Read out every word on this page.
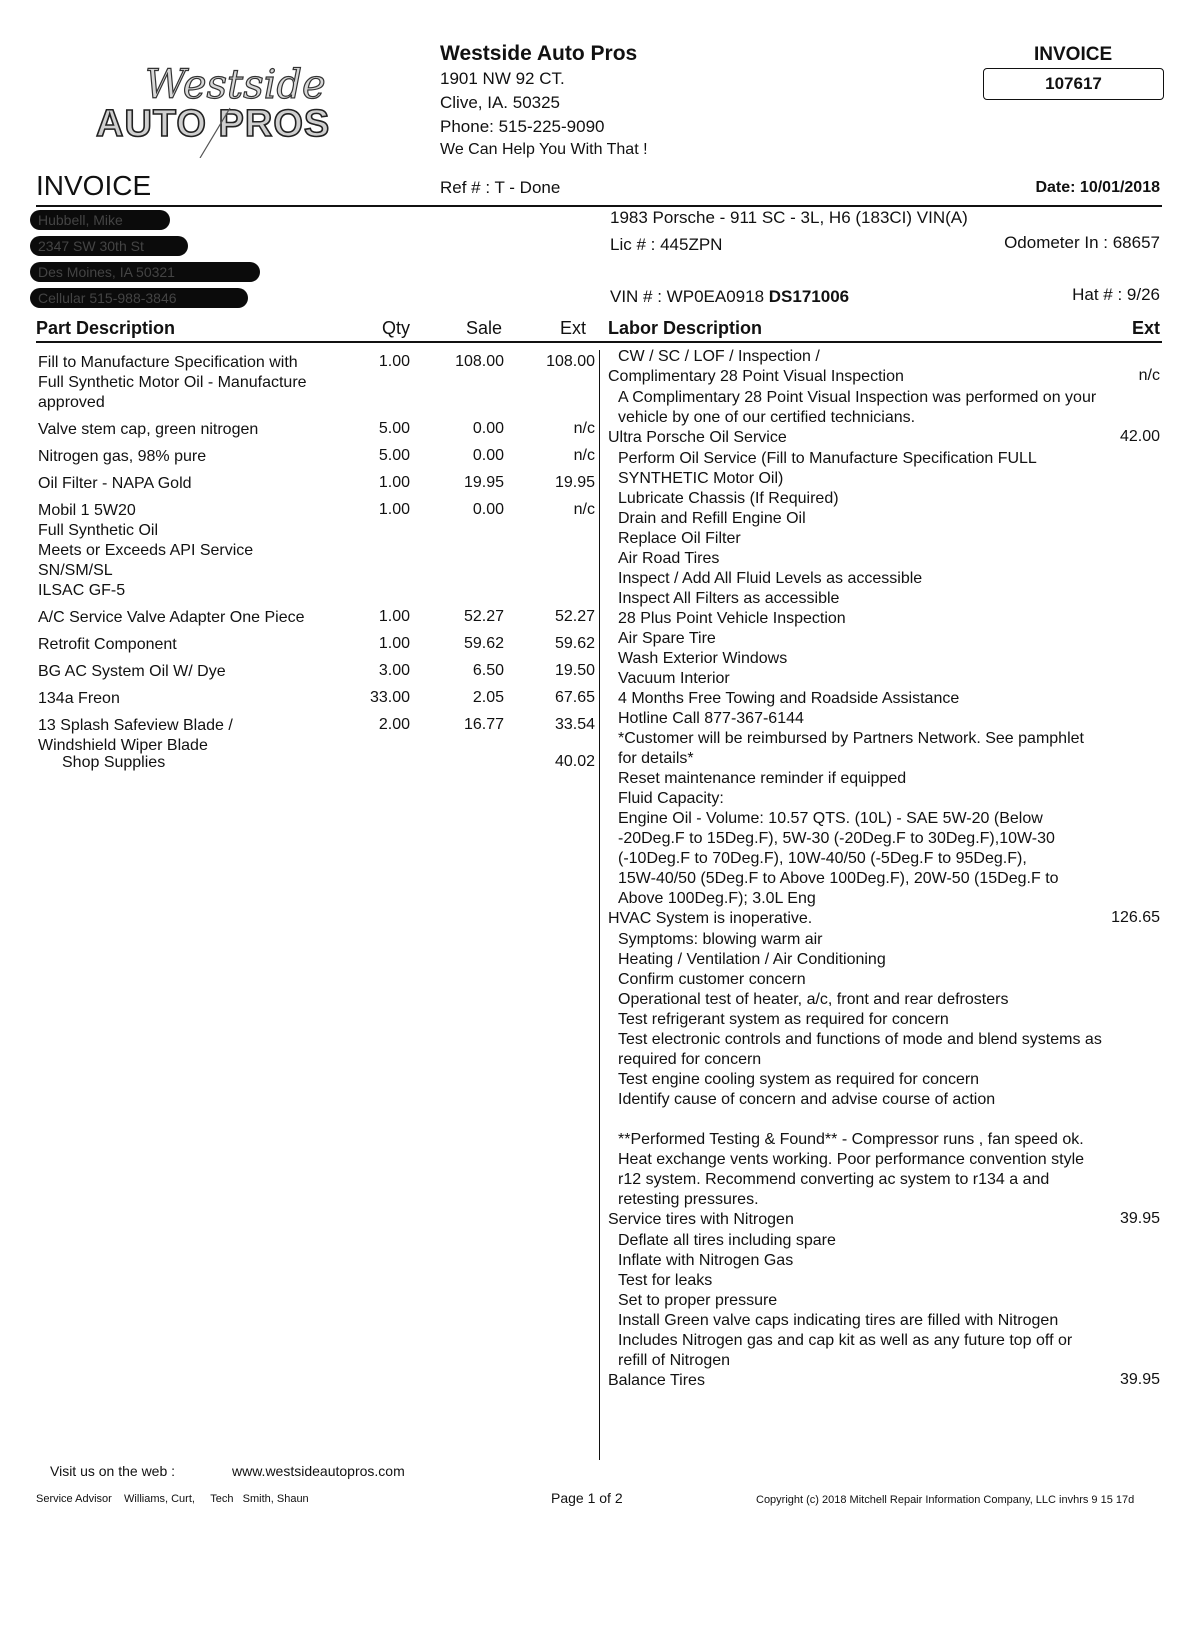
Westside
AUTO PROS
Westside Auto Pros
1901 NW 92 CT.
Clive, IA. 50325
Phone: 515-225-9090
We Can Help You With That !
INVOICE
107617
INVOICE	Ref # : T - Done	Date: 10/01/2018
Hubbell, Mike
2347 SW 30th St
Des Moines, IA 50321
Cellular 515-988-3846
1983 Porsche - 911 SC - 3L, H6 (183CI) VIN(A)
Lic # : 445ZPN	Odometer In : 68657
VIN # : WP0EA0918 DS171006	Hat # : 9/26
Part Description	Qty	Sale	Ext Labor Description	Ext
Fill to Manufacture Specification with
Full Synthetic Motor Oil - Manufacture
approved
1.00	108.00	108.00
Valve stem cap, green nitrogen	5.00	0.00	n/c
Nitrogen gas, 98% pure	5.00	0.00	n/c
Oil Filter - NAPA Gold	1.00	19.95	19.95
Mobil 1 5W20
Full Synthetic Oil
Meets or Exceeds API Service
SN/SM/SL
ILSAC GF-5
1.00	0.00	n/c
A/C Service Valve Adapter One Piece	1.00	52.27	52.27
Retrofit Component	1.00	59.62	59.62
BG AC System Oil W/ Dye	3.00	6.50	19.50
134a Freon	33.00	2.05	67.65
13 Splash Safeview Blade /
Windshield Wiper Blade
2.00	16.77	33.54
Shop Supplies	40.02
CW / SC / LOF / Inspection /
Complimentary 28 Point Visual Inspection	n/c
A Complimentary 28 Point Visual Inspection was performed on your
vehicle by one of our certified technicians.
Ultra Porsche Oil Service	42.00
Perform Oil Service (Fill to Manufacture Specification FULL
SYNTHETIC Motor Oil)
Lubricate Chassis (If Required)
Drain and Refill Engine Oil
Replace Oil Filter
Air Road Tires
Inspect / Add All Fluid Levels as accessible
Inspect All Filters as accessible
28 Plus Point Vehicle Inspection
Air Spare Tire
Wash Exterior Windows
Vacuum Interior
4 Months Free Towing and Roadside Assistance
Hotline Call 877-367-6144
*Customer will be reimbursed by Partners Network. See pamphlet
for details*
Reset maintenance reminder if equipped
Fluid Capacity:
Engine Oil - Volume: 10.57 QTS. (10L) - SAE 5W-20 (Below
-20Deg.F to 15Deg.F), 5W-30 (-20Deg.F to 30Deg.F),10W-30
(-10Deg.F to 70Deg.F), 10W-40/50 (-5Deg.F to 95Deg.F),
15W-40/50 (5Deg.F to Above 100Deg.F), 20W-50 (15Deg.F to
Above 100Deg.F); 3.0L Eng
HVAC System is inoperative.	126.65
Symptoms: blowing warm air
Heating / Ventilation / Air Conditioning
Confirm customer concern
Operational test of heater, a/c, front and rear defrosters
Test refrigerant system as required for concern
Test electronic controls and functions of mode and blend systems as
required for concern
Test engine cooling system as required for concern
Identify cause of concern and advise course of action
**Performed Testing & Found** - Compressor runs , fan speed ok.
Heat exchange vents working. Poor performance convention style
r12 system. Recommend converting ac system to r134 a and
retesting pressures.
Service tires with Nitrogen	39.95
Deflate all tires including spare
Inflate with Nitrogen Gas
Test for leaks
Set to proper pressure
Install Green valve caps indicating tires are filled with Nitrogen
Includes Nitrogen gas and cap kit as well as any future top off or
refill of Nitrogen
Balance Tires	39.95
Visit us on the web :	www.westsideautopros.com
Service Advisor Williams, Curt, Tech Smith, Shaun	Page 1 of 2	Copyright (c) 2018 Mitchell Repair Information Company, LLC invhrs 9 15 17d
